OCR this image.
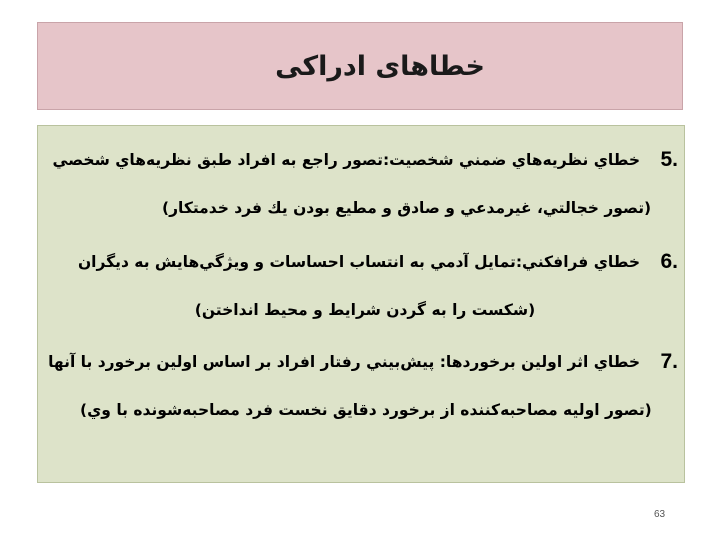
خطاهای ادراکی
5.
خطاي نظريه‌هاي ضمني شخصيت:تصور راجع به افراد طبق نظريه‌هاي شخصي
(تصور خجالتي، غيرمدعي و صادق و مطيع بودن يك فرد خدمتكار)
6.
خطاي فرافكني:تمايل آدمي به انتساب احساسات و ويژگي‌هايش به ديگران
(شكست را به گردن شرايط و محيط انداختن)
7.
خطاي اثر اولين برخوردها: پيش‌بيني رفتار افراد بر اساس اولين برخورد با آنها
(تصور اوليه مصاحبه‌كننده از برخورد دقايق نخست فرد مصاحبه‌شونده با وي)
63
